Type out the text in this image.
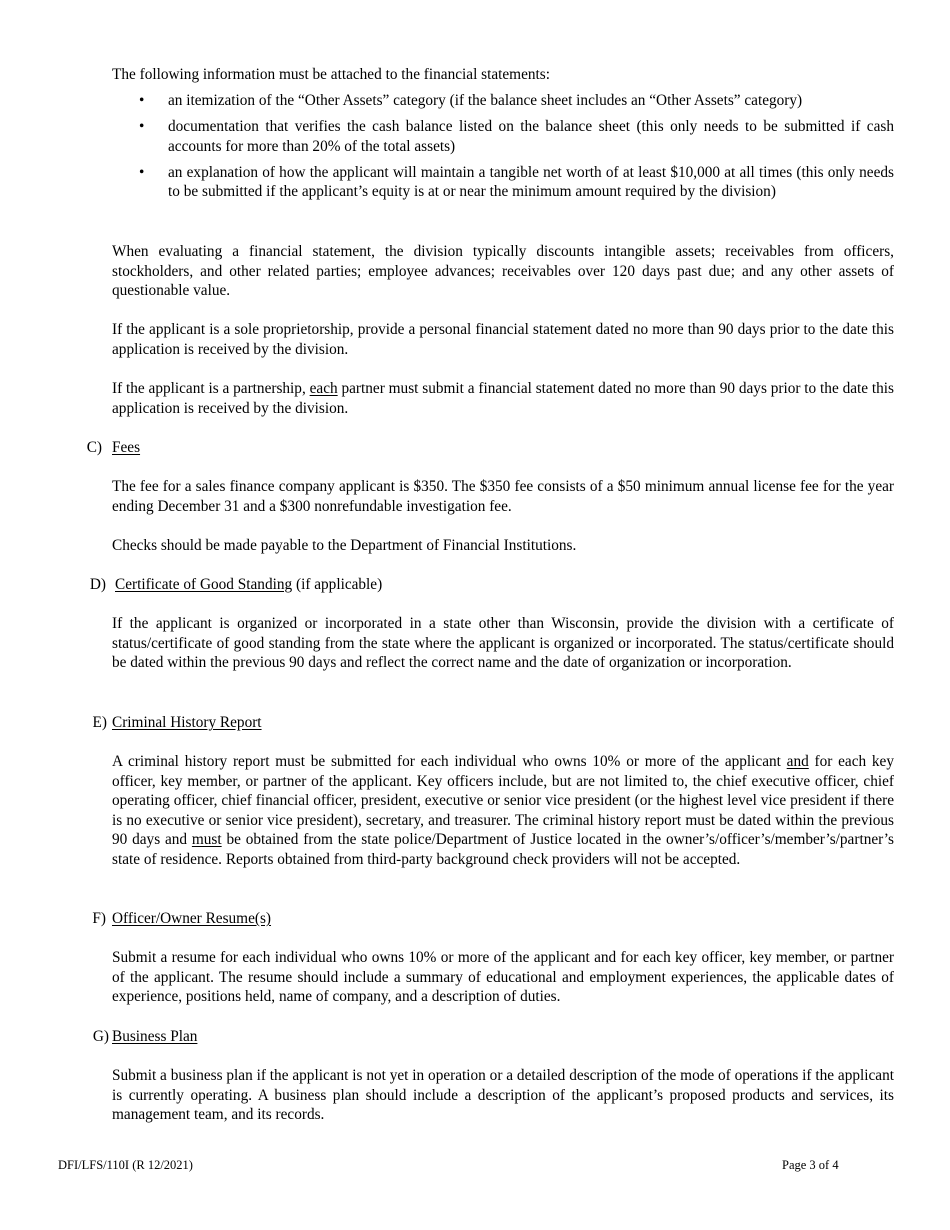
The following information must be attached to the financial statements:

• an itemization of the “Other Assets” category (if the balance sheet includes an “Other Assets” category)
• documentation that verifies the cash balance listed on the balance sheet (this only needs to be submitted if cash accounts for more than 20% of the total assets)
• an explanation of how the applicant will maintain a tangible net worth of at least $10,000 at all times (this only needs to be submitted if the applicant’s equity is at or near the minimum amount required by the division)

When evaluating a financial statement, the division typically discounts intangible assets; receivables from officers, stockholders, and other related parties; employee advances; receivables over 120 days past due; and any other assets of questionable value.

If the applicant is a sole proprietorship, provide a personal financial statement dated no more than 90 days prior to the date this application is received by the division.

If the applicant is a partnership, each partner must submit a financial statement dated no more than 90 days prior to the date this application is received by the division.

C) Fees

The fee for a sales finance company applicant is $350. The $350 fee consists of a $50 minimum annual license fee for the year ending December 31 and a $300 nonrefundable investigation fee.

Checks should be made payable to the Department of Financial Institutions.

D) Certificate of Good Standing (if applicable)

If the applicant is organized or incorporated in a state other than Wisconsin, provide the division with a certificate of status/certificate of good standing from the state where the applicant is organized or incorporated. The status/certificate should be dated within the previous 90 days and reflect the correct name and the date of organization or incorporation.

E) Criminal History Report

A criminal history report must be submitted for each individual who owns 10% or more of the applicant and for each key officer, key member, or partner of the applicant. Key officers include, but are not limited to, the chief executive officer, chief operating officer, chief financial officer, president, executive or senior vice president (or the highest level vice president if there is no executive or senior vice president), secretary, and treasurer. The criminal history report must be dated within the previous 90 days and must be obtained from the state police/Department of Justice located in the owner’s/officer’s/member’s/partner’s state of residence. Reports obtained from third-party background check providers will not be accepted.

F) Officer/Owner Resume(s)

Submit a resume for each individual who owns 10% or more of the applicant and for each key officer, key member, or partner of the applicant. The resume should include a summary of educational and employment experiences, the applicable dates of experience, positions held, name of company, and a description of duties.

G) Business Plan

Submit a business plan if the applicant is not yet in operation or a detailed description of the mode of operations if the applicant is currently operating. A business plan should include a description of the applicant’s proposed products and services, its management team, and its records.

DFI/LFS/110I (R 12/2021)	Page 3 of 4
